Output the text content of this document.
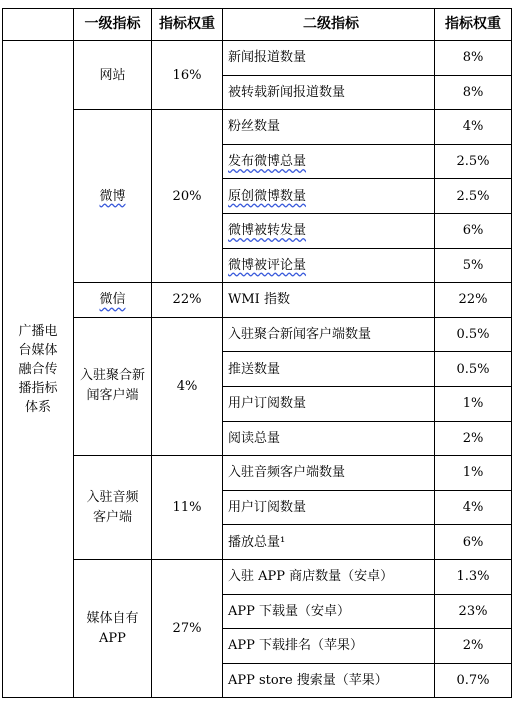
	一级指标	指标权重	二级指标	指标权重
广播电台媒体融合传播指标体系	网站	16%	新闻报道数量	8%
			被转载新闻报道数量	8%
	微博	20%	粉丝数量	4%
			发布微博总量	2.5%
			原创微博数量	2.5%
			微博被转发量	6%
			微博被评论量	5%
	微信	22%	WMI 指数	22%
	入驻聚合新闻客户端	4%	入驻聚合新闻客户端数量	0.5%
			推送数量	0.5%
			用户订阅数量	1%
			阅读总量	2%
	入驻音频客户端	11%	入驻音频客户端数量	1%
			用户订阅数量	4%
			播放总量¹	6%
	媒体自有APP	27%	入驻 APP 商店数量（安卓）	1.3%
			APP 下载量（安卓）	23%
			APP 下载排名（苹果）	2%
			APP store 搜索量（苹果）	0.7%
